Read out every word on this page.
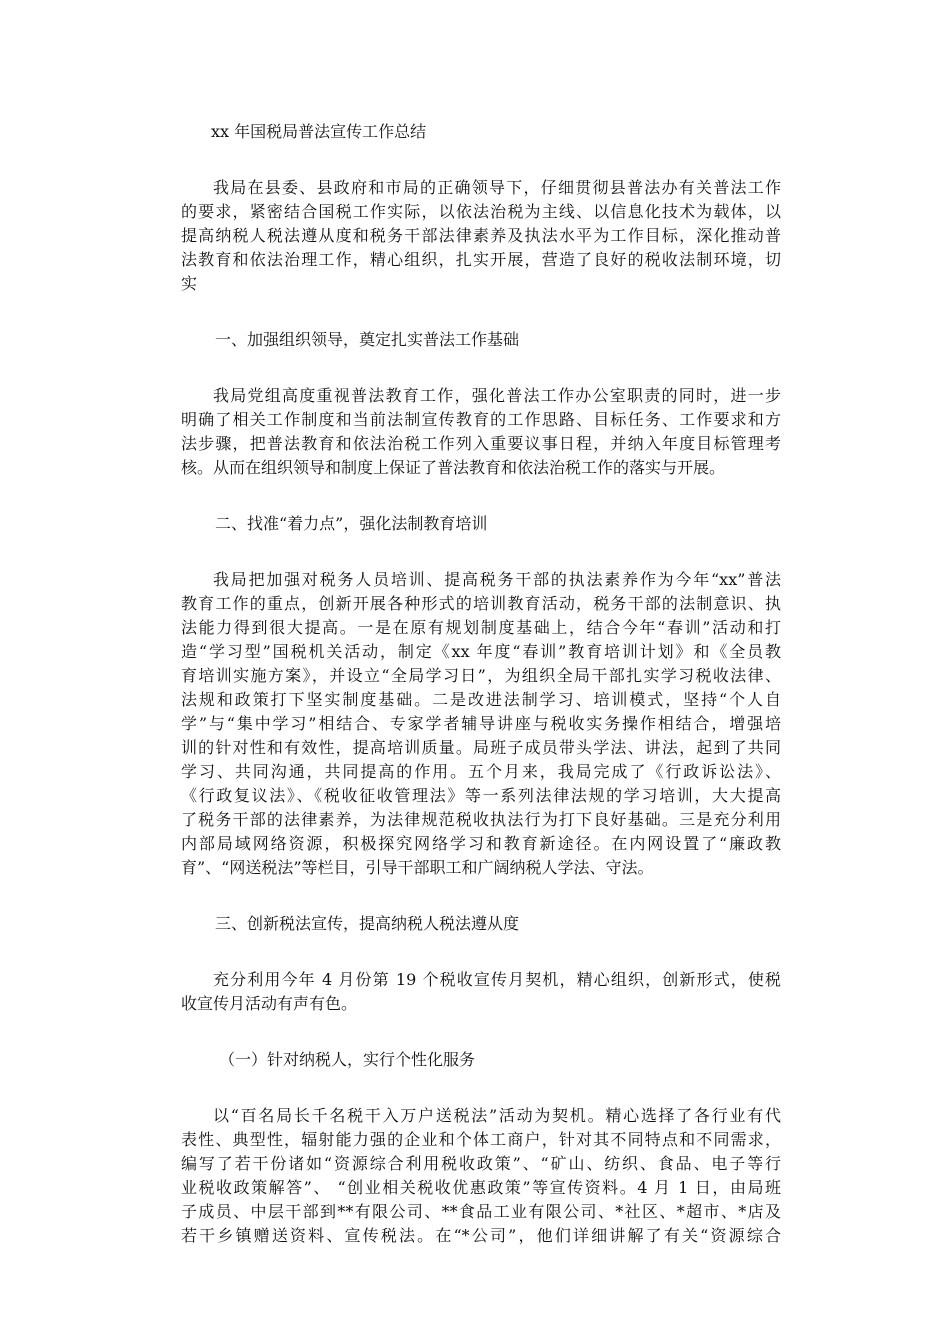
xx 年国税局普法宣传工作总结

我局在县委、县政府和市局的正确领导下，仔细贯彻县普法办有关普法工作
的要求，紧密结合国税工作实际，以依法治税为主线、以信息化技术为载体，以
提高纳税人税法遵从度和税务干部法律素养及执法水平为工作目标，深化推动普
法教育和依法治理工作，精心组织，扎实开展，营造了良好的税收法制环境，切
实

一、加强组织领导，奠定扎实普法工作基础

我局党组高度重视普法教育工作，强化普法工作办公室职责的同时，进一步
明确了相关工作制度和当前法制宣传教育的工作思路、目标任务、工作要求和方
法步骤，把普法教育和依法治税工作列入重要议事日程，并纳入年度目标管理考
核。从而在组织领导和制度上保证了普法教育和依法治税工作的落实与开展。

二、找准“着力点”，强化法制教育培训

我局把加强对税务人员培训、提高税务干部的执法素养作为今年“xx”普法
教育工作的重点，创新开展各种形式的培训教育活动，税务干部的法制意识、执
法能力得到很大提高。一是在原有规划制度基础上，结合今年“春训”活动和打
造“学习型”国税机关活动，制定《xx 年度“春训”教育培训计划》和《全员教
育培训实施方案》，并设立“全局学习日”，为组织全局干部扎实学习税收法律、
法规和政策打下坚实制度基础。二是改进法制学习、培训模式，坚持“个人自
学”与“集中学习”相结合、专家学者辅导讲座与税收实务操作相结合，增强培
训的针对性和有效性，提高培训质量。局班子成员带头学法、讲法，起到了共同
学习、共同沟通，共同提高的作用。五个月来，我局完成了《行政诉讼法》、
《行政复议法》、《税收征收管理法》等一系列法律法规的学习培训，大大提高
了税务干部的法律素养，为法律规范税收执法行为打下良好基础。三是充分利用
内部局域网络资源，积极探究网络学习和教育新途径。在内网设置了“廉政教
育”、“网送税法”等栏目，引导干部职工和广阔纳税人学法、守法。

三、创新税法宣传，提高纳税人税法遵从度

充分利用今年 4 月份第 19 个税收宣传月契机，精心组织，创新形式，使税
收宣传月活动有声有色。

（一）针对纳税人，实行个性化服务

以“百名局长千名税干入万户送税法”活动为契机。精心选择了各行业有代
表性、典型性，辐射能力强的企业和个体工商户，针对其不同特点和不同需求，
编写了若干份诸如“资源综合利用税收政策”、“矿山、纺织、食品、电子等行
业税收政策解答”、 “创业相关税收优惠政策”等宣传资料。4 月 1 日，由局班
子成员、中层干部到**有限公司、**食品工业有限公司、*社区、*超市、*店及
若干乡镇赠送资料、宣传税法。在“*公司”，他们详细讲解了有关“资源综合
